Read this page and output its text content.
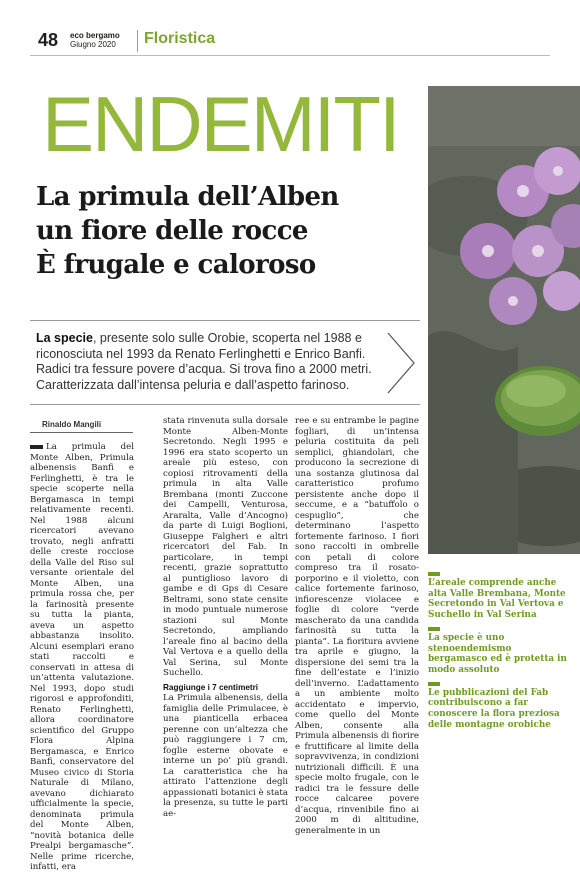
48 eco bergamo
Giugno 2020 Floristica
ENDEMITI
La primula dell’Alben
un fiore delle rocce
È frugale e caloroso
La specie, presente solo sulle Orobie, scoperta nel 1988 e riconosciuta nel 1993 da Renato Ferlinghetti e Enrico Banfi. Radici tra fessure povere d’acqua. Si trova fino a 2000 metri. Caratterizzata dall’intensa peluria e dall’aspetto farinoso.
Rinaldo Mangili
La primula del Monte Alben, Primula albenensis Banfi e Ferlinghetti, è tra le specie scoperte nella Bergamasca in tempi relativamente recenti. Nel 1988 alcuni ricercatori avevano trovato, negli anfratti delle creste rocciose della Valle del Riso sul versante orientale del Monte Alben, una primula rossa che, per la farinosità presente su tutta la pianta, aveva un aspetto abbastanza insolito. Alcuni esemplari erano stati raccolti e conservati in attesa di un’attenta valutazione. Nel 1993, dopo studi rigorosi e approfonditi, Renato Ferlinghetti, allora coordinatore scientifico del Gruppo Flora Alpina Bergamasca, e Enrico Banfi, conservatore del Museo civico di Storia Naturale di Milano, avevano dichiarato ufficialmente la specie, denominata primula del Monte Alben, “novità botanica delle Prealpi bergamasche”. Nelle prime ricerche, infatti, era
stata rinvenuta sulla dorsale Monte Alben-Monte Secretondo. Negli 1995 e 1996 era stato scoperto un areale più esteso, con copiosi ritrovamenti della primula in alta Valle Brembana (monti Zuccone dei Campelli, Venturosa, Araralta, Valle d’Ancogno) da parte di Luigi Boglioni, Giuseppe Falgheri e altri ricercatori del Fab. In particolare, in tempi recenti, grazie soprattutto al puntiglioso lavoro di gambe e di Gps di Cesare Beltrami, sono state censite in modo puntuale numerose stazioni sul Monte Secretondo, ampliando l’areale fino al bacino della Val Vertova e a quello della Val Serina, sul Monte Suchello.
Raggiunge i 7 centimetri
La Primula albenensis, della famiglia delle Primulacee, è una pianticella erbacea perenne con un’altezza che può raggiungere i 7 cm, foglie esterne obovate e interne un po’ più grandi. La caratteristica che ha attirato l’attenzione degli appassionati botanici è stata la presenza, su tutte le parti ae-
ree e su entrambe le pagine fogliari, di un’intensa peluria costituita da peli semplici, ghiandolari, che producono la secrezione di una sostanza glutinosa dal caratteristico profumo persistente anche dopo il seccume, e a “batuffolo o cespuglio”, che determinano l’aspetto fortemente farinoso. I fiori sono raccolti in ombrelle con petali di colore compreso tra il rosato-porporino e il violetto, con calice fortemente farinoso, infiorescenze violacee e foglie di colore “verde mascherato da una candida farinosità su tutta la pianta”. La fioritura avviene tra aprile e giugno, la dispersione dei semi tra la fine dell’estate e l’inizio dell’inverno. L’adattamento a un ambiente molto accidentato e impervio, come quello del Monte Alben, consente alla Primula albenensis di fiorire e fruttificare al limite della sopravvivenza, in condizioni nutrizionali difficili. È una specie molto frugale, con le radici tra le fessure delle rocce calcaree povere d’acqua, rinvenibile fino ai 2000 m di altitudine, generalmente in un
L’areale comprende anche alta Valle Brembana, Monte Secretondo in Val Vertova e Suchello in Val Serina
La specie è uno stenoendemismo bergamasco ed è protetta in modo assoluto
Le pubblicazioni del Fab contribuiscono a far conoscere la flora preziosa delle montagne orobiche
